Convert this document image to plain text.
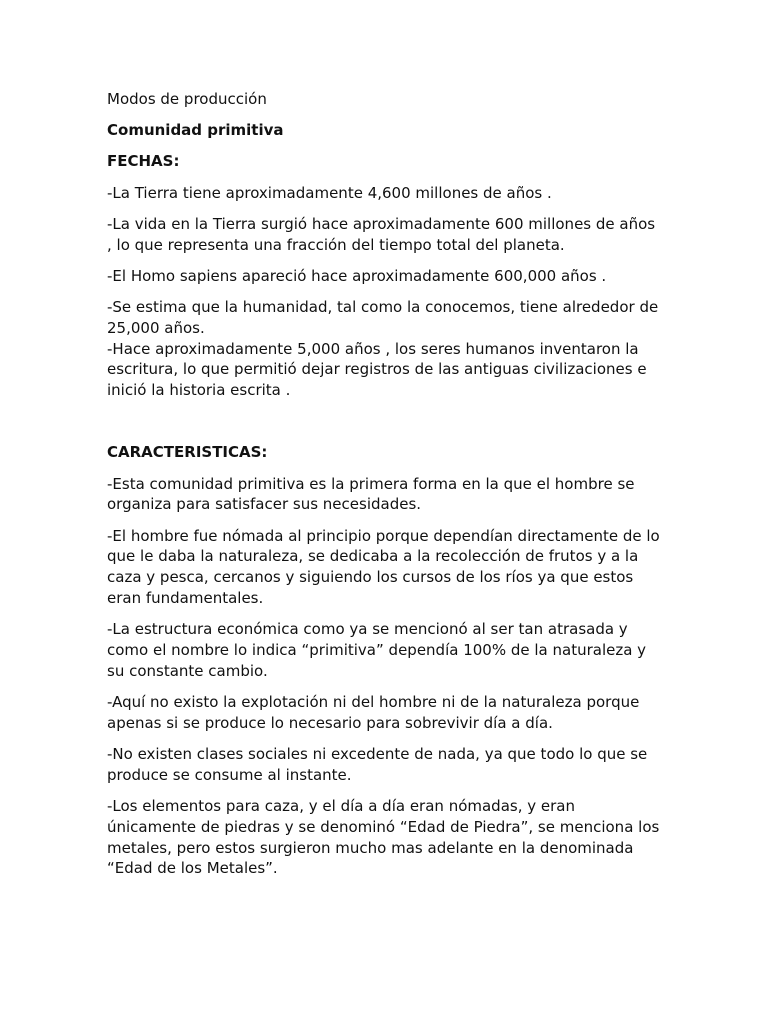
Modos de producción

Comunidad primitiva

FECHAS:

-La Tierra tiene aproximadamente 4,600 millones de años .

-La vida en la Tierra surgió hace aproximadamente 600 millones de años , lo que representa una fracción del tiempo total del planeta.

-El Homo sapiens apareció hace aproximadamente 600,000 años .

-Se estima que la humanidad, tal como la conocemos, tiene alrededor de 25,000 años.

-Hace aproximadamente 5,000 años , los seres humanos inventaron la escritura, lo que permitió dejar registros de las antiguas civilizaciones e inició la historia escrita .

CARACTERISTICAS:

-Esta comunidad primitiva es la primera forma en la que el hombre se organiza para satisfacer sus necesidades.

-El hombre fue nómada al principio porque dependían directamente de lo que le daba la naturaleza, se dedicaba a la recolección de frutos y a la caza y pesca, cercanos y siguiendo los cursos de los ríos ya que estos eran fundamentales.

-La estructura económica como ya se mencionó al ser tan atrasada y como el nombre lo indica “primitiva” dependía 100% de la naturaleza y su constante cambio.

-Aquí no existo la explotación ni del hombre ni de la naturaleza porque apenas si se produce lo necesario para sobrevivir día a día.

-No existen clases sociales ni excedente de nada, ya que todo lo que se produce se consume al instante.

-Los elementos para caza, y el día a día eran nómadas, y eran únicamente de piedras y se denominó “Edad de Piedra”, se menciona los metales, pero estos surgieron mucho mas adelante en la denominada “Edad de los Metales”.
